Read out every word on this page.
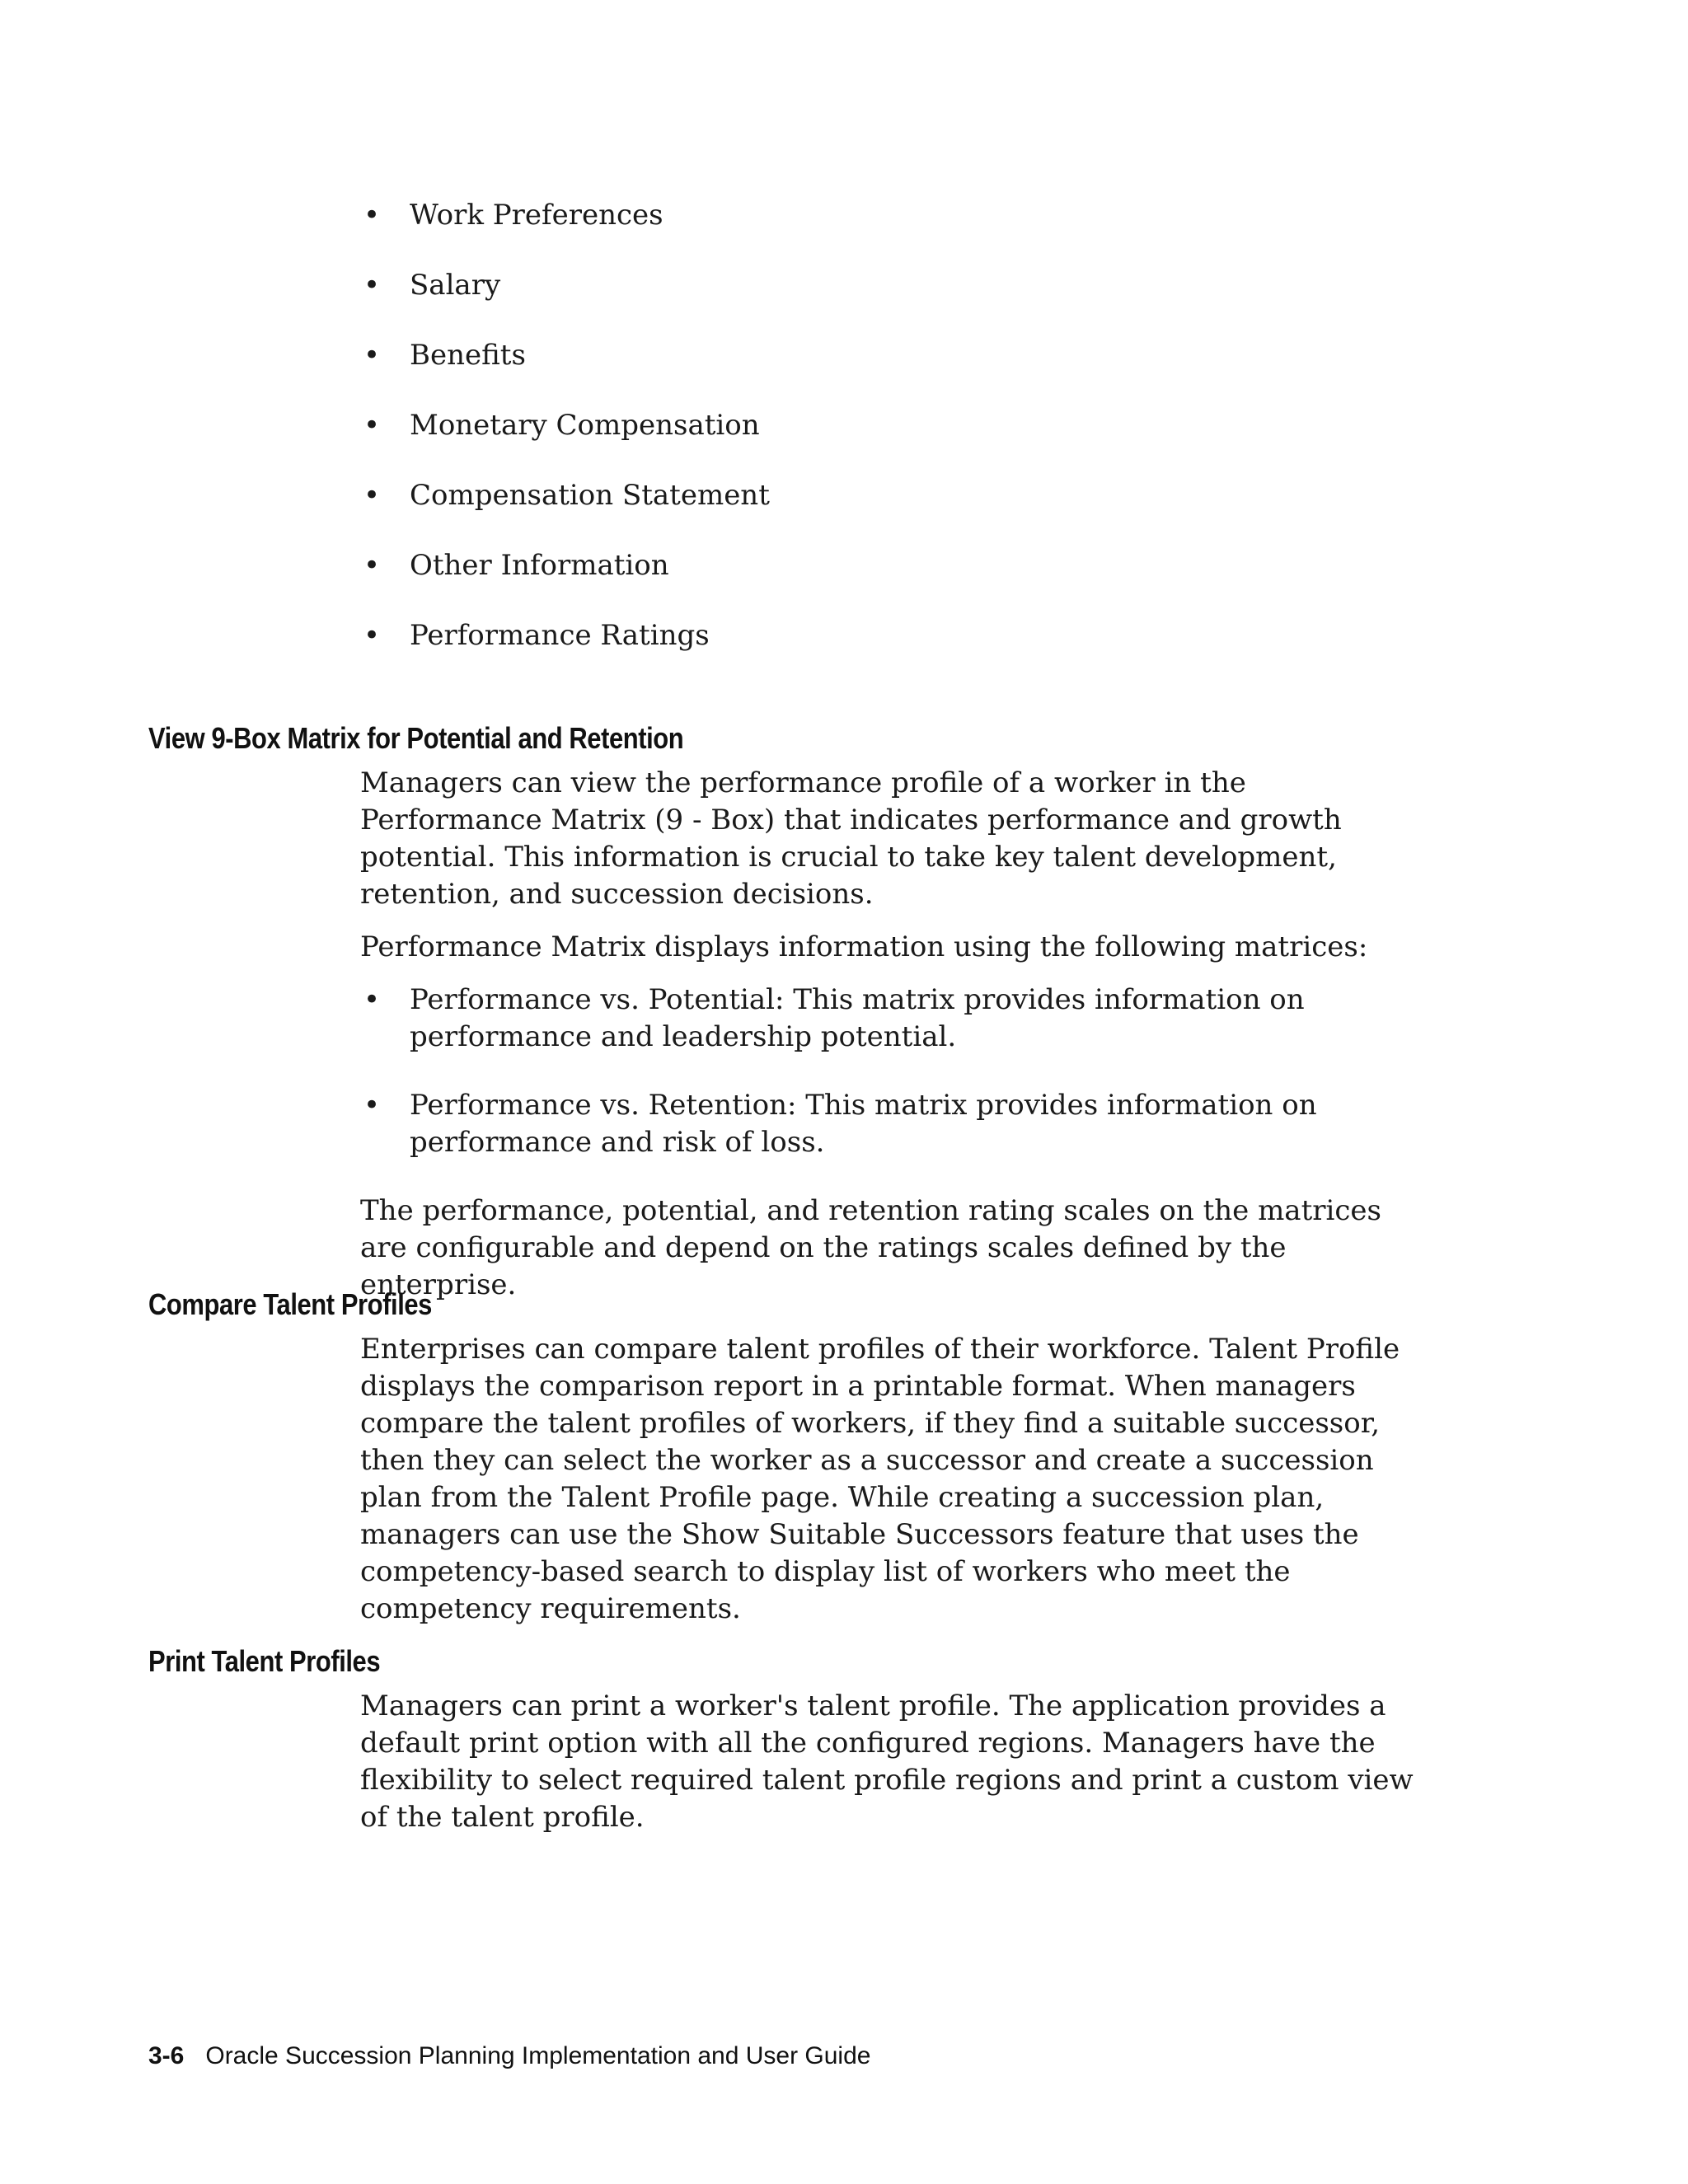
• Work Preferences
• Salary
• Benefits
• Monetary Compensation
• Compensation Statement
• Other Information
• Performance Ratings
View 9-Box Matrix for Potential and Retention

Managers can view the performance profile of a worker in the Performance Matrix (9 - Box) that indicates performance and growth potential. This information is crucial to take key talent development, retention, and succession decisions.

Performance Matrix displays information using the following matrices:

• Performance vs. Potential: This matrix provides information on performance and leadership potential.
• Performance vs. Retention: This matrix provides information on performance and risk of loss.

The performance, potential, and retention rating scales on the matrices are configurable and depend on the ratings scales defined by the enterprise.

Compare Talent Profiles

Enterprises can compare talent profiles of their workforce. Talent Profile displays the comparison report in a printable format. When managers compare the talent profiles of workers, if they find a suitable successor, then they can select the worker as a successor and create a succession plan from the Talent Profile page. While creating a succession plan, managers can use the Show Suitable Successors feature that uses the competency-based search to display list of workers who meet the competency requirements.

Print Talent Profiles

Managers can print a worker's talent profile. The application provides a default print option with all the configured regions. Managers have the flexibility to select required talent profile regions and print a custom view of the talent profile.

3-6 Oracle Succession Planning Implementation and User Guide
